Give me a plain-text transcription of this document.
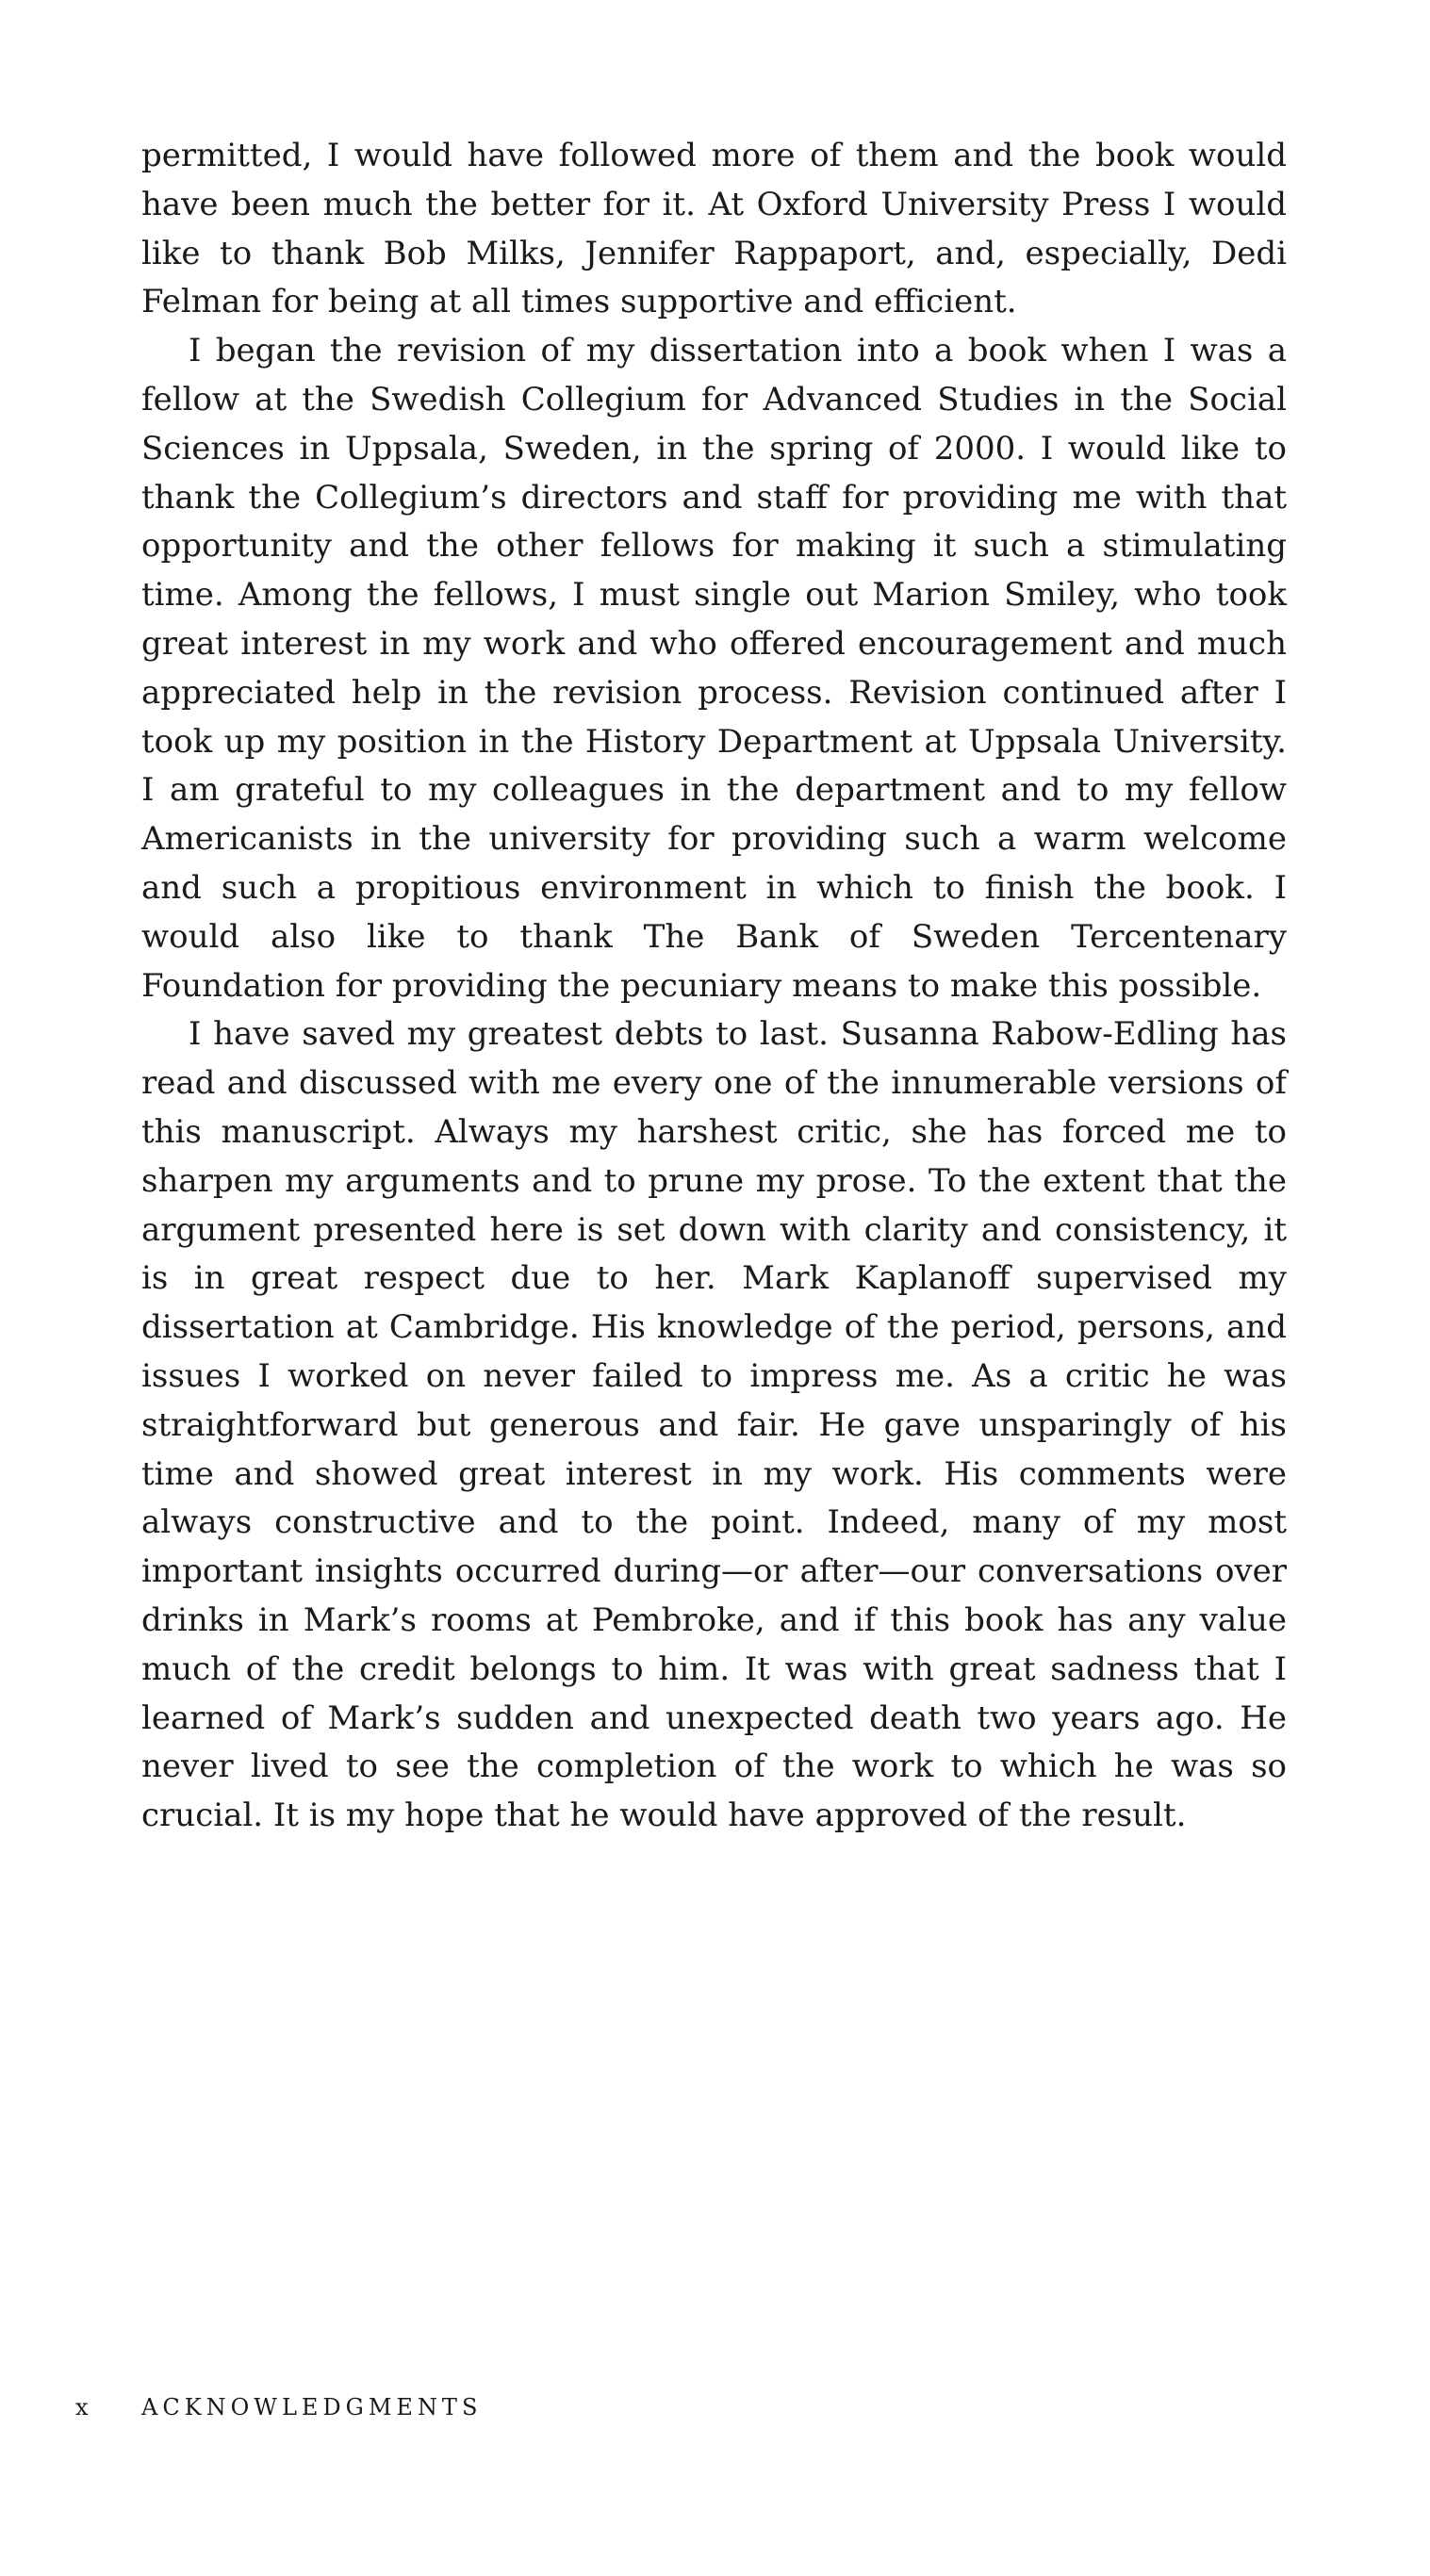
permitted, I would have followed more of them and the book would have been much the better for it. At Oxford University Press I would like to thank Bob Milks, Jennifer Rappaport, and, especially, Dedi Felman for being at all times supportive and efficient.

I began the revision of my dissertation into a book when I was a fellow at the Swedish Collegium for Advanced Studies in the Social Sciences in Uppsala, Sweden, in the spring of 2000. I would like to thank the Collegium’s directors and staff for providing me with that opportunity and the other fellows for making it such a stimulating time. Among the fellows, I must single out Marion Smiley, who took great interest in my work and who offered encouragement and much appreciated help in the revision process. Revision continued after I took up my position in the History Department at Uppsala University. I am grateful to my colleagues in the department and to my fellow Americanists in the university for providing such a warm welcome and such a propitious environment in which to finish the book. I would also like to thank The Bank of Sweden Tercentenary Foundation for providing the pecuniary means to make this possible.

I have saved my greatest debts to last. Susanna Rabow-Edling has read and discussed with me every one of the innumerable versions of this manuscript. Always my harshest critic, she has forced me to sharpen my arguments and to prune my prose. To the extent that the argument presented here is set down with clarity and consistency, it is in great respect due to her. Mark Kaplanoff supervised my dissertation at Cambridge. His knowledge of the period, persons, and issues I worked on never failed to impress me. As a critic he was straightforward but generous and fair. He gave unsparingly of his time and showed great interest in my work. His comments were always constructive and to the point. Indeed, many of my most important insights occurred during—or after—our conversations over drinks in Mark’s rooms at Pembroke, and if this book has any value much of the credit belongs to him. It was with great sadness that I learned of Mark’s sudden and unexpected death two years ago. He never lived to see the completion of the work to which he was so crucial. It is my hope that he would have approved of the result.

x	ACKNOWLEDGMENTS
